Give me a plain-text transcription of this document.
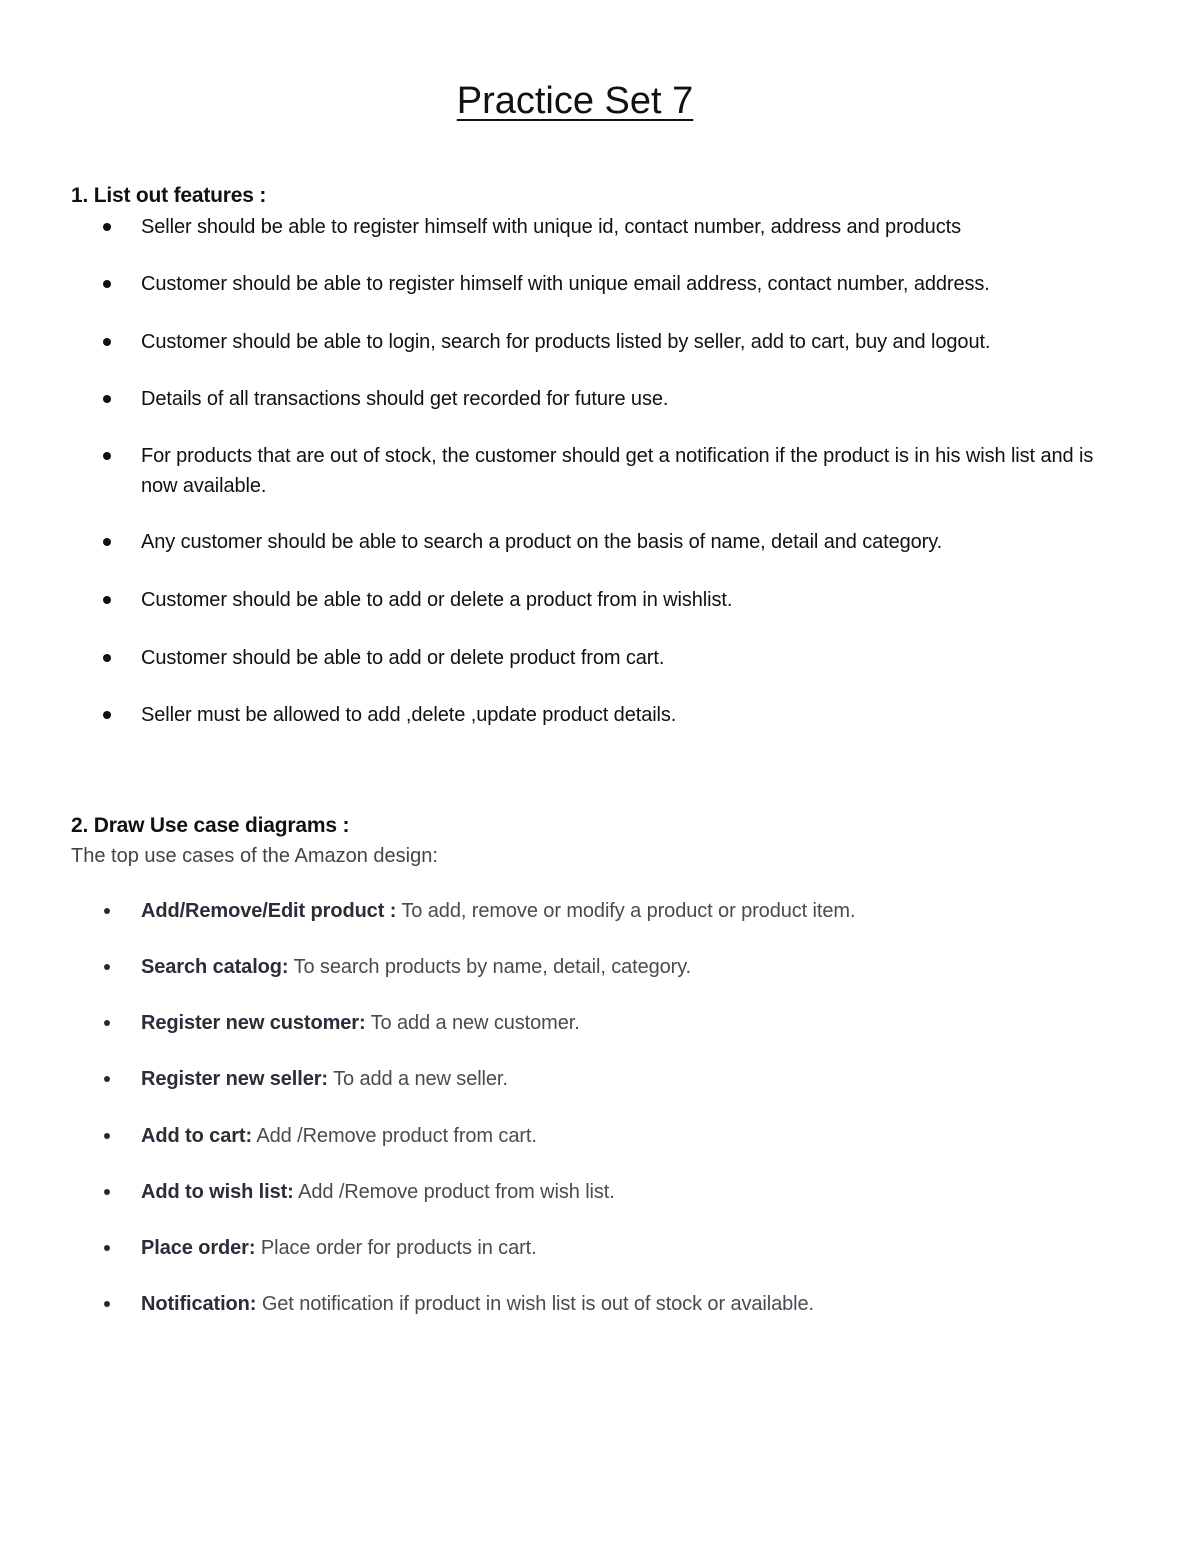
Practice Set 7
1. List out features :
Seller should be able to register himself with unique id, contact number, address and products
Customer should be able to register himself with unique email address, contact number, address.
Customer should be able to login, search for products listed by seller, add to cart, buy and logout.
Details of all transactions should get recorded for future use.
For products that are out of stock, the customer should get a notification if the product is in his wish list and is now available.
Any customer should be able to search a product on the basis of name, detail and category.
Customer should be able to add or delete a product from in wishlist.
Customer should be able to add or delete product from cart.
Seller must be allowed to add ,delete ,update product details.
2. Draw Use case diagrams :
The top use cases of the Amazon design:
Add/Remove/Edit product : To add, remove or modify a product or product item.
Search catalog: To search products by name, detail, category.
Register new customer: To add a new customer.
Register new seller: To add a new seller.
Add to cart: Add /Remove product from cart.
Add to wish list: Add /Remove product from wish list.
Place order: Place order for products in cart.
Notification: Get notification if product in wish list is out of stock or available.
